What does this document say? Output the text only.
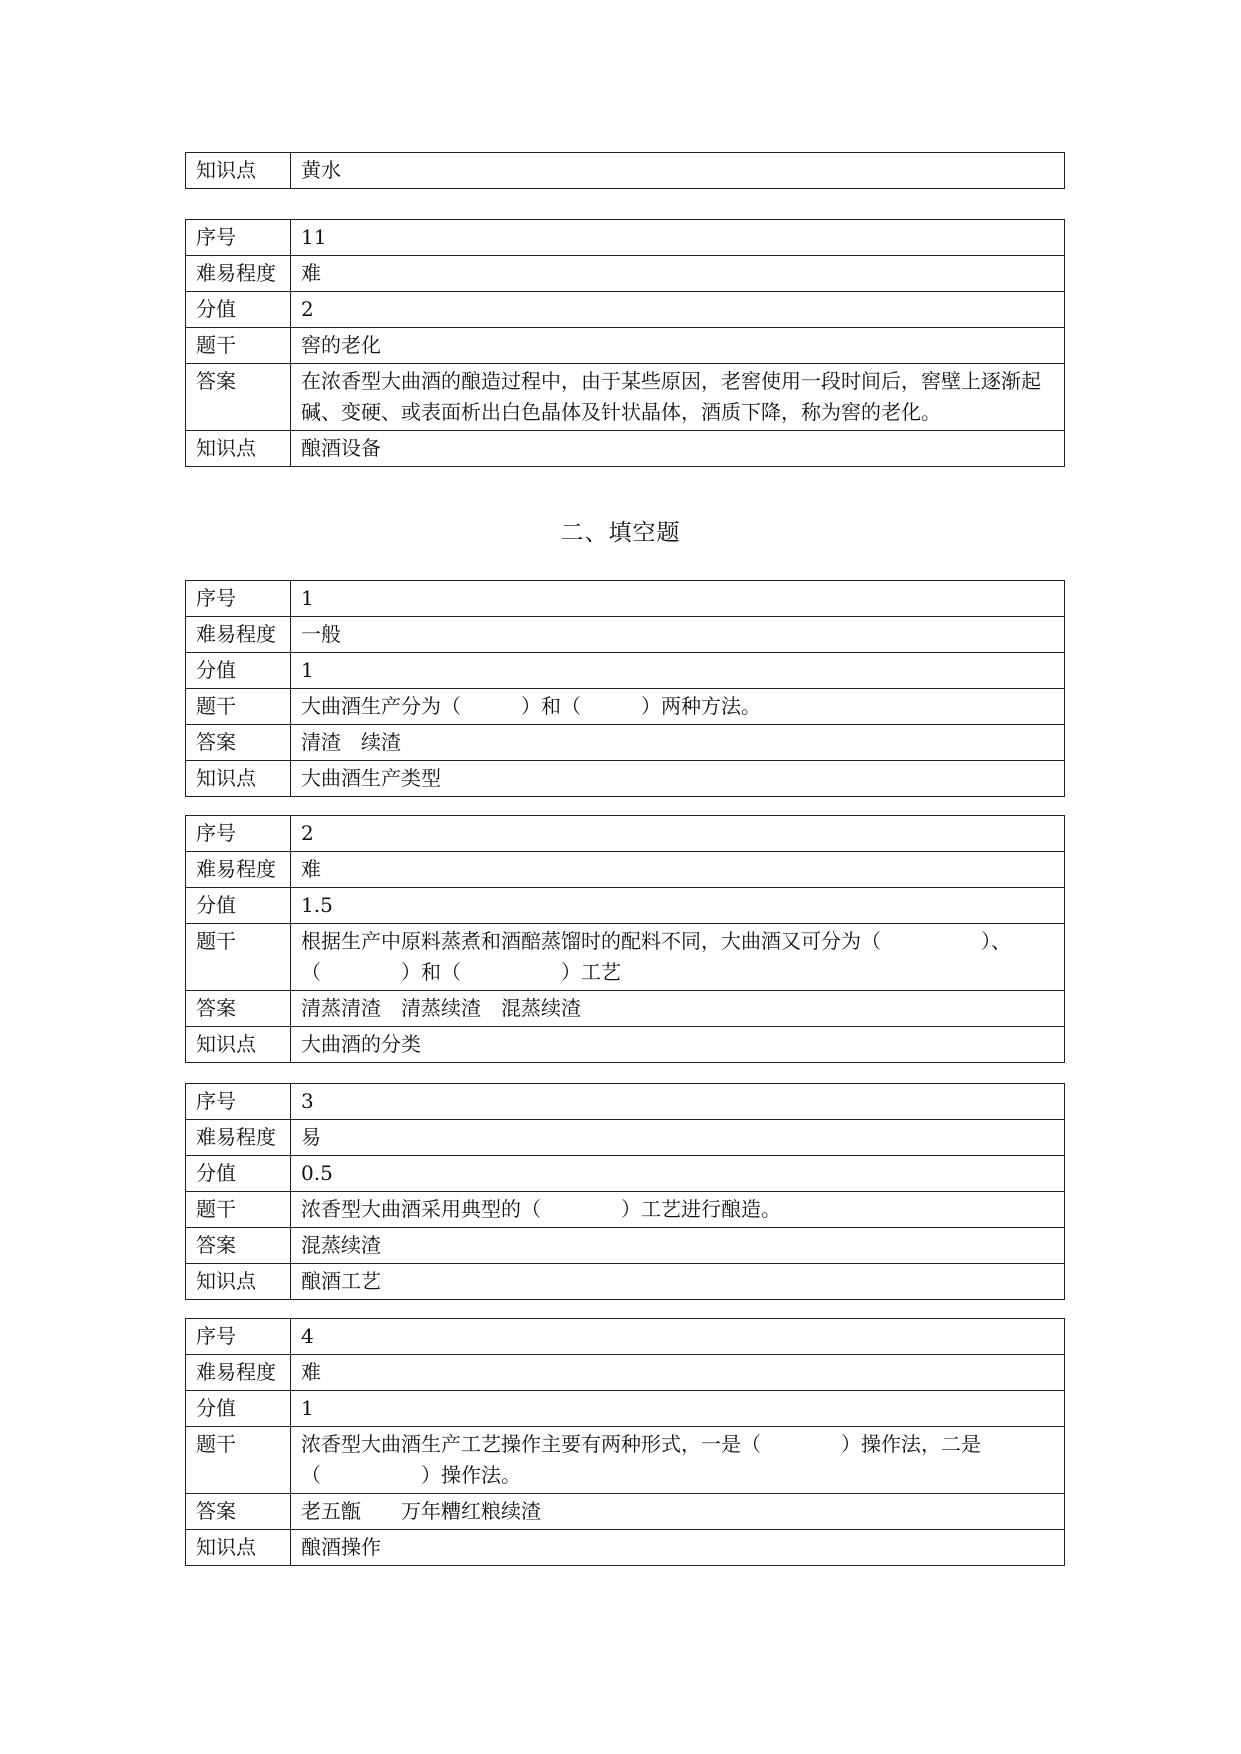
知识点	黄水
序号	11
难易程度	难
分值	2
题干	窖的老化
答案	在浓香型大曲酒的酿造过程中，由于某些原因，老窖使用一段时间后，窖壁上逐渐起碱、变硬、或表面析出白色晶体及针状晶体，酒质下降，称为窖的老化。
知识点	酿酒设备
二、填空题
序号	1
难易程度	一般
分值	1
题干	大曲酒生产分为（　　　）和（　　　）两种方法。
答案	清渣　续渣
知识点	大曲酒生产类型
序号	2
难易程度	难
分值	1.5
题干	根据生产中原料蒸煮和酒醅蒸馏时的配料不同，大曲酒又可分为（　　　　　）、（　　　　）和（　　　　　）工艺
答案	清蒸清渣　清蒸续渣　混蒸续渣
知识点	大曲酒的分类
序号	3
难易程度	易
分值	0.5
题干	浓香型大曲酒采用典型的（　　　　）工艺进行酿造。
答案	混蒸续渣
知识点	酿酒工艺
序号	4
难易程度	难
分值	1
题干	浓香型大曲酒生产工艺操作主要有两种形式，一是（　　　　）操作法，二是（　　　　　）操作法。
答案	老五甑　　万年糟红粮续渣
知识点	酿酒操作
